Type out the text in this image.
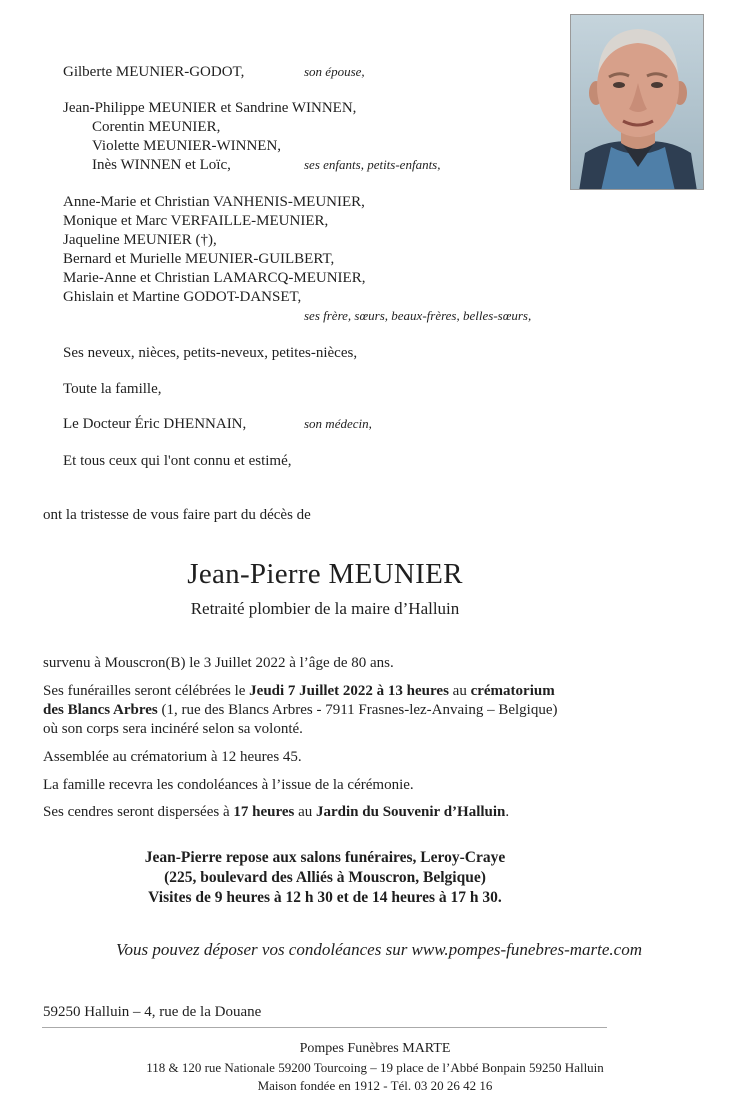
Gilberte MEUNIER-GODOT,	son épouse,
Jean-Philippe MEUNIER et Sandrine WINNEN,
Corentin MEUNIER,
Violette MEUNIER-WINNEN,
Inès WINNEN et Loïc,	ses enfants, petits-enfants,
Anne-Marie et Christian VANHENIS-MEUNIER,
Monique et Marc VERFAILLE-MEUNIER,
Jaqueline MEUNIER (†),
Bernard et Murielle MEUNIER-GUILBERT,
Marie-Anne et Christian LAMARCQ-MEUNIER,
Ghislain et Martine GODOT-DANSET,
ses frère, sœurs, beaux-frères, belles-sœurs,
Ses neveux, nièces, petits-neveux, petites-nièces,
Toute la famille,
Le Docteur Éric DHENNAIN,	son médecin,
Et tous ceux qui l'ont connu et estimé,
ont la tristesse de vous faire part du décès de
Jean-Pierre MEUNIER
Retraité plombier de la maire d’Halluin
survenu à Mouscron(B) le 3 Juillet 2022 à l’âge de 80 ans.
Ses funérailles seront célébrées le Jeudi 7 Juillet 2022 à 13 heures au crématorium
des Blancs Arbres (1, rue des Blancs Arbres - 7911 Frasnes-lez-Anvaing – Belgique)
où son corps sera incinéré selon sa volonté.
Assemblée au crématorium à 12 heures 45.
La famille recevra les condoléances à l’issue de la cérémonie.
Ses cendres seront dispersées à 17 heures au Jardin du Souvenir d’Halluin.
Jean-Pierre repose aux salons funéraires, Leroy-Craye
(225, boulevard des Alliés à Mouscron, Belgique)
Visites de 9 heures à 12 h 30 et de 14 heures à 17 h 30.
Vous pouvez déposer vos condoléances sur www.pompes-funebres-marte.com
59250 Halluin – 4, rue de la Douane
Pompes Funèbres MARTE
118 & 120 rue Nationale 59200 Tourcoing – 19 place de l’Abbé Bonpain 59250 Halluin
Maison fondée en 1912 - Tél. 03 20 26 42 16
